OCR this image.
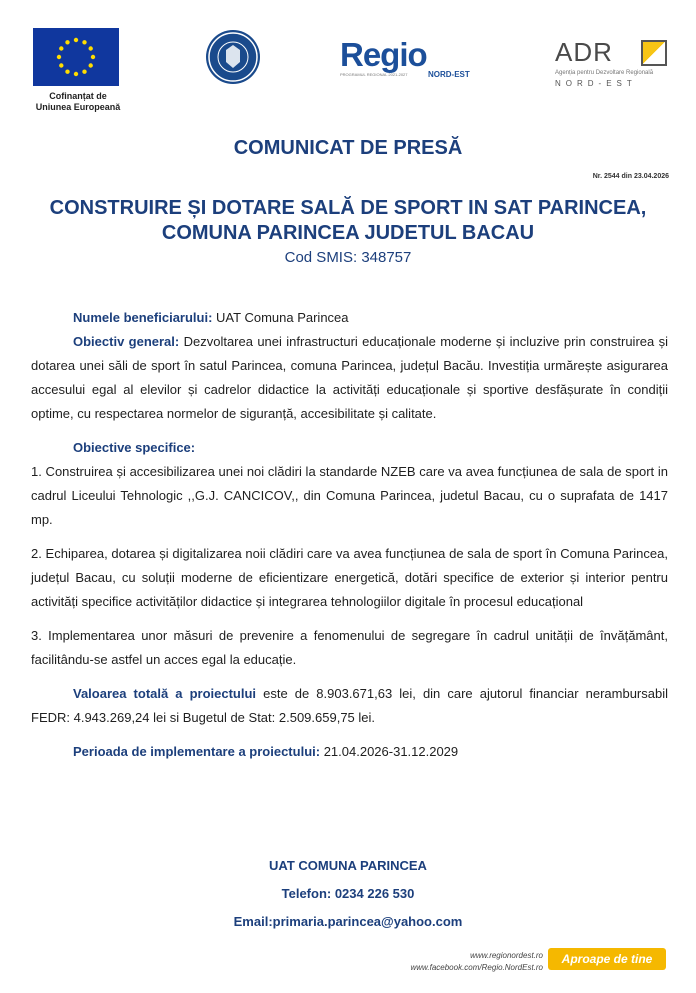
Cofinanțat de
Uniunea Europeană
Regio
PROGRAMUL REGIONAL 2021-2027	NORD-EST
ADR
Agenția pentru Dezvoltare Regională
NORD-EST
COMUNICAT DE PRESĂ
Nr. 2544 din 23.04.2026
CONSTRUIRE ȘI DOTARE SALĂ DE SPORT IN SAT PARINCEA, COMUNA PARINCEA JUDETUL BACAU
Cod SMIS: 348757

Numele beneficiarului: UAT Comuna Parincea

Obiectiv general: Dezvoltarea unei infrastructuri educaționale moderne și incluzive prin construirea și dotarea unei săli de sport în satul Parincea, comuna Parincea, județul Bacău. Investiția urmărește asigurarea accesului egal al elevilor și cadrelor didactice la activități educaționale și sportive desfășurate în condiții optime, cu respectarea normelor de siguranță, accesibilitate și calitate.

Obiective specifice:

1. Construirea și accesibilizarea unei noi clădiri la standarde NZEB care va avea funcțiunea de sala de sport in cadrul Liceului Tehnologic ,,G.J. CANCICOV,, din Comuna Parincea, judetul Bacau, cu o suprafata de 1417 mp.

2. Echiparea, dotarea și digitalizarea noii clădiri care va avea funcțiunea de sala de sport în Comuna Parincea, județul Bacau, cu soluții moderne de eficientizare energetică, dotări specifice de exterior și interior pentru activități specifice activităților didactice și integrarea tehnologiilor digitale în procesul educațional

3. Implementarea unor măsuri de prevenire a fenomenului de segregare în cadrul unității de învățământ, facilitându-se astfel un acces egal la educație.

Valoarea totală a proiectului este de 8.903.671,63 lei, din care ajutorul financiar nerambursabil FEDR: 4.943.269,24 lei si Bugetul de Stat: 2.509.659,75 lei.

Perioada de implementare a proiectului: 21.04.2026-31.12.2029

UAT COMUNA PARINCEA
Telefon: 0234 226 530
Email:primaria.parincea@yahoo.com
www.regionordest.ro
www.facebook.com/Regio.NordEst.ro
Aproape de tine
